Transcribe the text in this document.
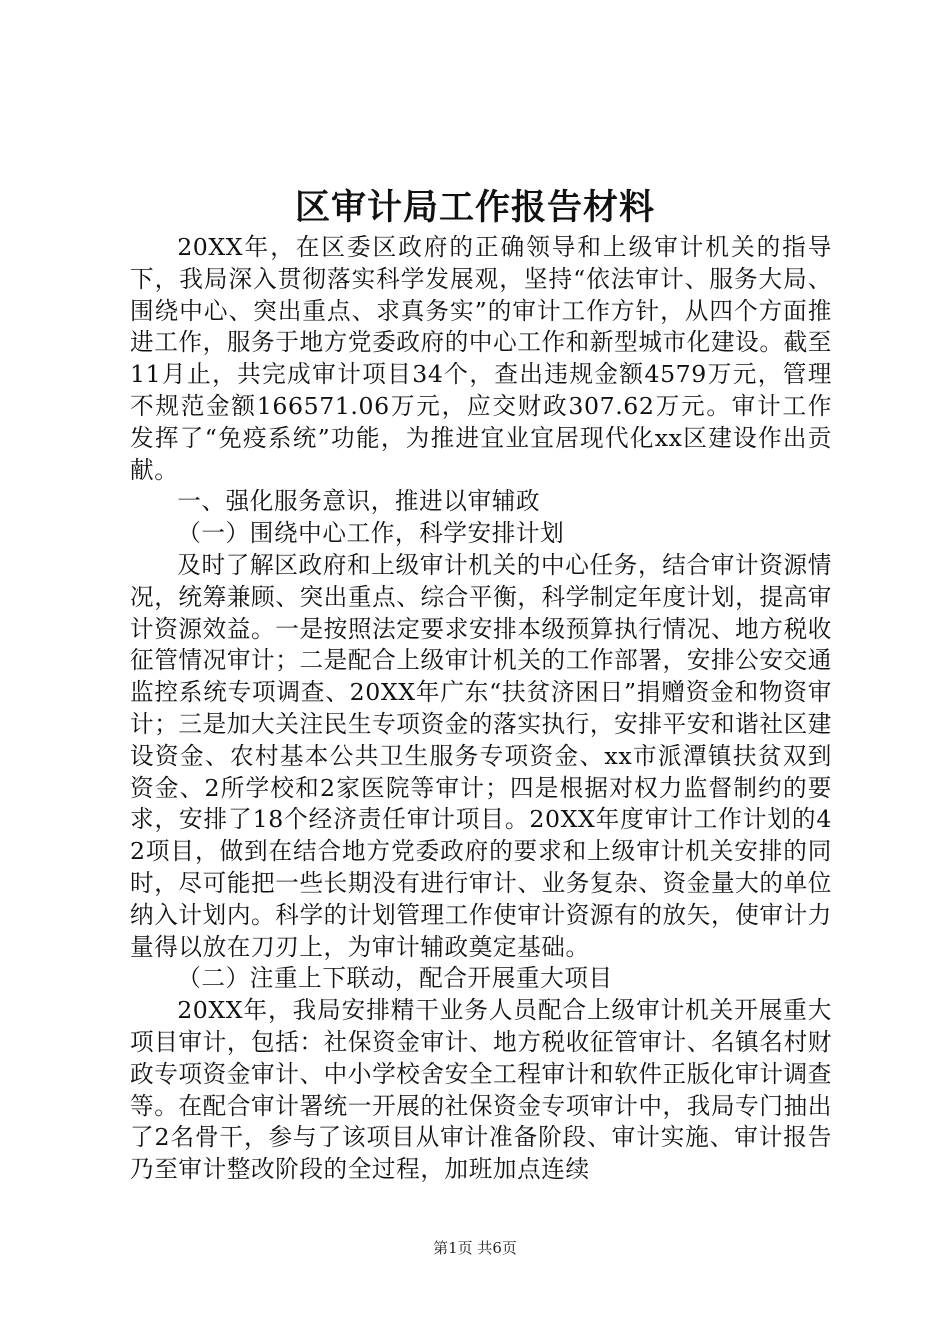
区审计局工作报告材料

20XX年，在区委区政府的正确领导和上级审计机关的指导下，我局深入贯彻落实科学发展观，坚持“依法审计、服务大局、围绕中心、突出重点、求真务实”的审计工作方针，从四个方面推进工作，服务于地方党委政府的中心工作和新型城市化建设。截至11月止，共完成审计项目34个，查出违规金额4579万元，管理不规范金额166571.06万元，应交财政307.62万元。审计工作发挥了“免疫系统”功能，为推进宜业宜居现代化xx区建设作出贡献。

一、强化服务意识，推进以审辅政

（一）围绕中心工作，科学安排计划

及时了解区政府和上级审计机关的中心任务，结合审计资源情况，统筹兼顾、突出重点、综合平衡，科学制定年度计划，提高审计资源效益。一是按照法定要求安排本级预算执行情况、地方税收征管情况审计；二是配合上级审计机关的工作部署，安排公安交通监控系统专项调查、20XX年广东“扶贫济困日”捐赠资金和物资审计；三是加大关注民生专项资金的落实执行，安排平安和谐社区建设资金、农村基本公共卫生服务专项资金、xx市派潭镇扶贫双到资金、2所学校和2家医院等审计；四是根据对权力监督制约的要求，安排了18个经济责任审计项目。20XX年度审计工作计划的42项目，做到在结合地方党委政府的要求和上级审计机关安排的同时，尽可能把一些长期没有进行审计、业务复杂、资金量大的单位纳入计划内。科学的计划管理工作使审计资源有的放矢，使审计力量得以放在刀刃上，为审计辅政奠定基础。

（二）注重上下联动，配合开展重大项目

20XX年，我局安排精干业务人员配合上级审计机关开展重大项目审计，包括：社保资金审计、地方税收征管审计、名镇名村财政专项资金审计、中小学校舍安全工程审计和软件正版化审计调查等。在配合审计署统一开展的社保资金专项审计中，我局专门抽出了2名骨干，参与了该项目从审计准备阶段、审计实施、审计报告乃至审计整改阶段的全过程，加班加点连续

第1页 共6页
